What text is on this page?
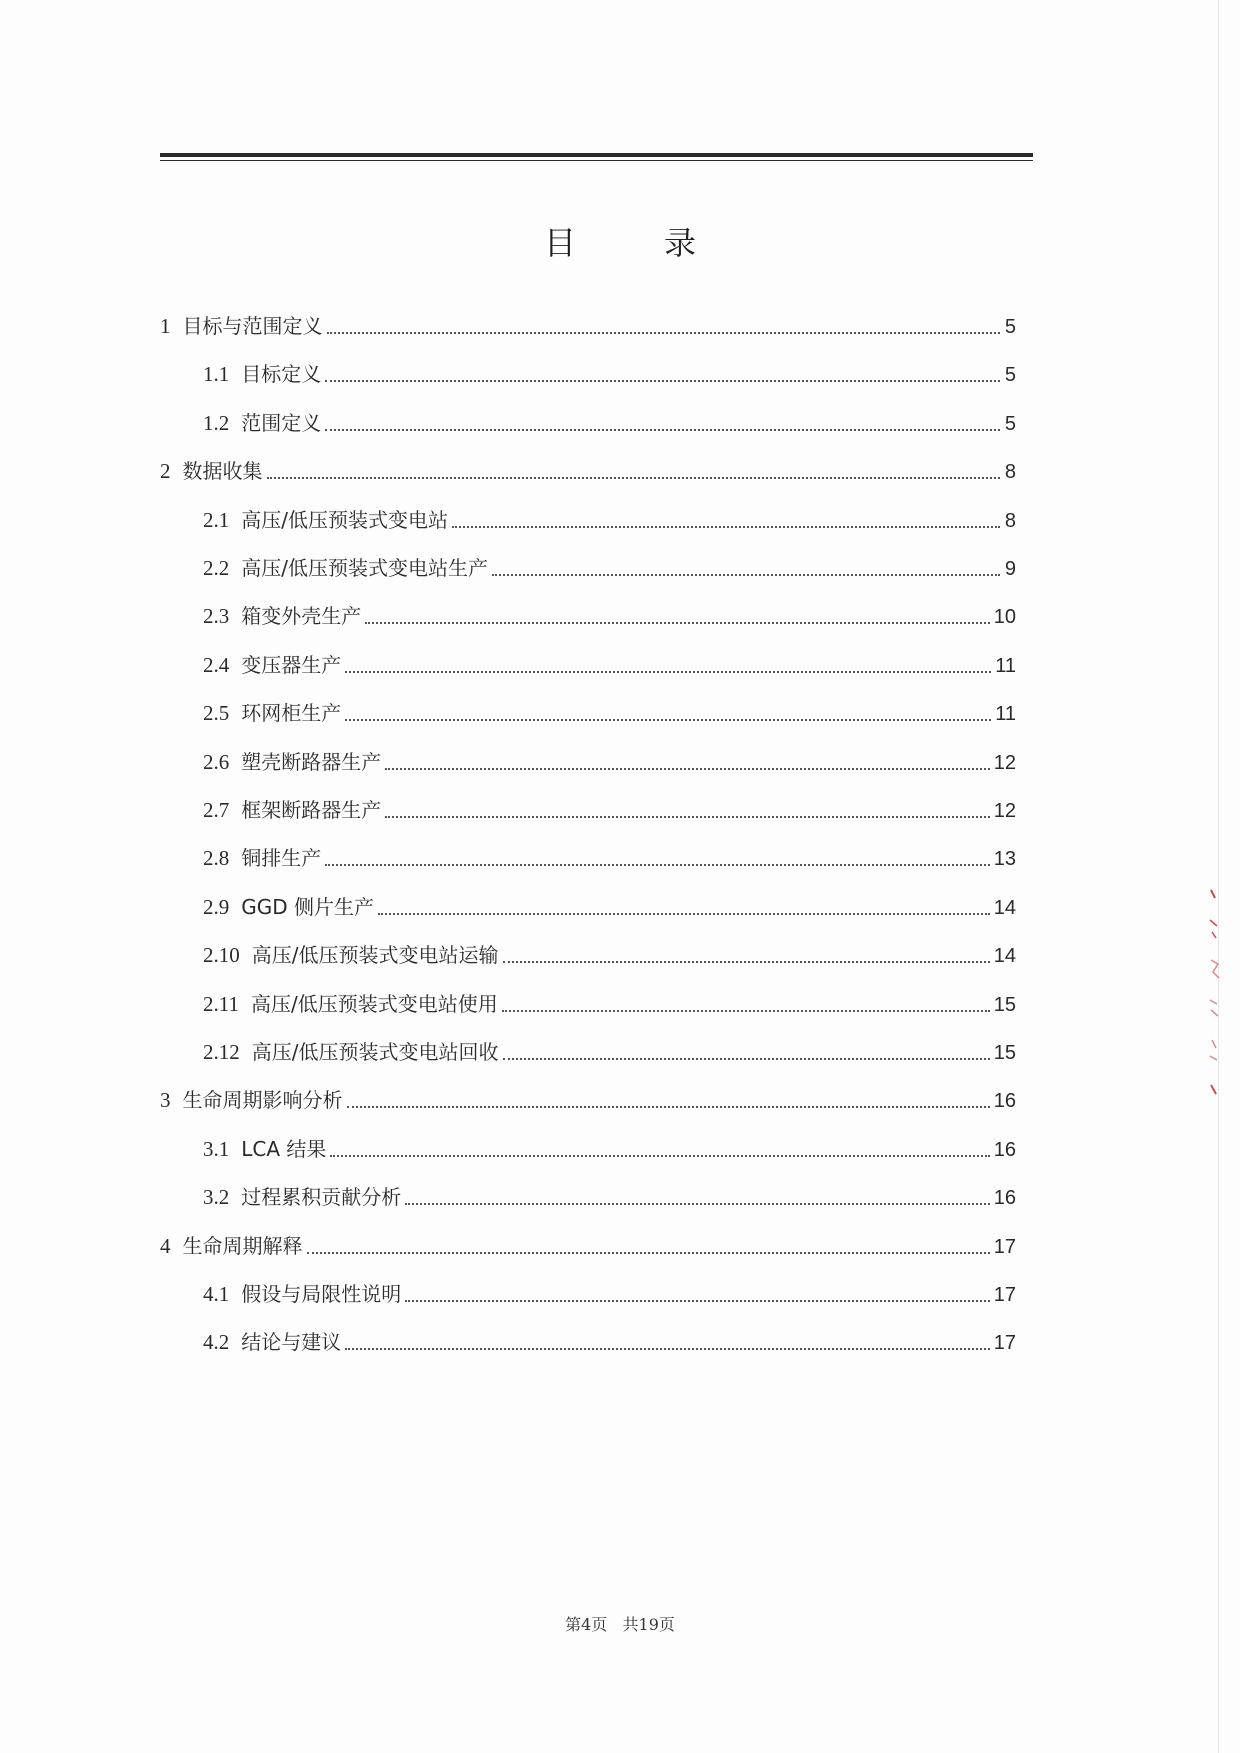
目　录
1 目标与范围定义	5
1.1 目标定义	5
1.2 范围定义	5
2 数据收集	8
2.1 高压/低压预装式变电站	8
2.2 高压/低压预装式变电站生产	9
2.3 箱变外壳生产	10
2.4 变压器生产	11
2.5 环网柜生产	11
2.6 塑壳断路器生产	12
2.7 框架断路器生产	12
2.8 铜排生产	13
2.9 GGD 侧片生产	14
2.10 高压/低压预装式变电站运输	14
2.11 高压/低压预装式变电站使用	15
2.12 高压/低压预装式变电站回收	15
3 生命周期影响分析	16
3.1 LCA 结果	16
3.2 过程累积贡献分析	16
4 生命周期解释	17
4.1 假设与局限性说明	17
4.2 结论与建议	17
第4页 共19页
